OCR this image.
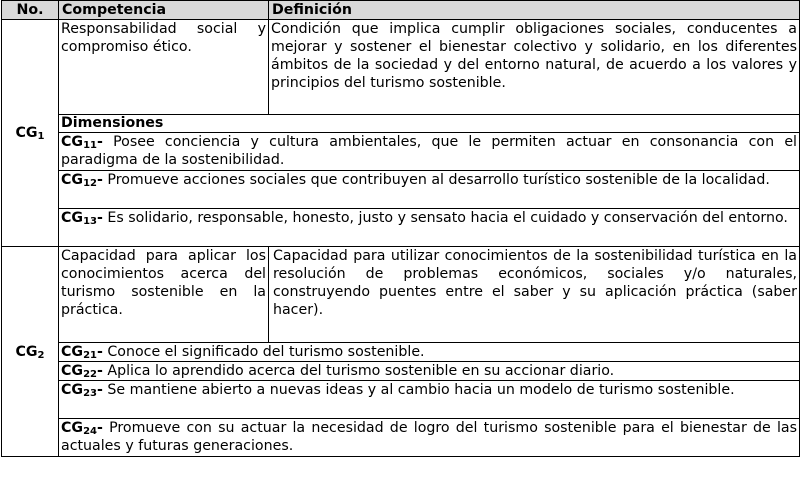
No.	Competencia	Definición
$CG_1$	Responsabilidad social y compromiso ético.	Condición que implica cumplir obligaciones sociales, conducentes a mejorar y sostener el bienestar colectivo y solidario, en los diferentes ámbitos de la sociedad y del entorno natural, de acuerdo a los valores y principios del turismo sostenible.
	Dimensiones	
	$CG_{11}-$ Posee conciencia y cultura ambientales, que le permiten actuar en consonancia con el paradigma de la sostenibilidad.	
	$CG_{12}-$ Promueve acciones sociales que contribuyen al desarrollo turístico sostenible de la localidad.	
	$CG_{13}-$ Es solidario, responsable, honesto, justo y sensato hacia el cuidado y conservación del entorno.	
$CG_2$	Capacidad para aplicar los conocimientos acerca del turismo sostenible en la práctica.	Capacidad para utilizar conocimientos de la sostenibilidad turística en la resolución de problemas económicos, sociales y/o naturales, construyendo puentes entre el saber y su aplicación práctica (saber hacer).
	$CG_{21}-$ Conoce el significado del turismo sostenible.	
	$CG_{22}-$ Aplica lo aprendido acerca del turismo sostenible en su accionar diario.	
	$CG_{23}-$ Se mantiene abierto a nuevas ideas y al cambio hacia un modelo de turismo sostenible.	
	$CG_{24}-$ Promueve con su actuar la necesidad de logro del turismo sostenible para el bienestar de las actuales y futuras generaciones.	
